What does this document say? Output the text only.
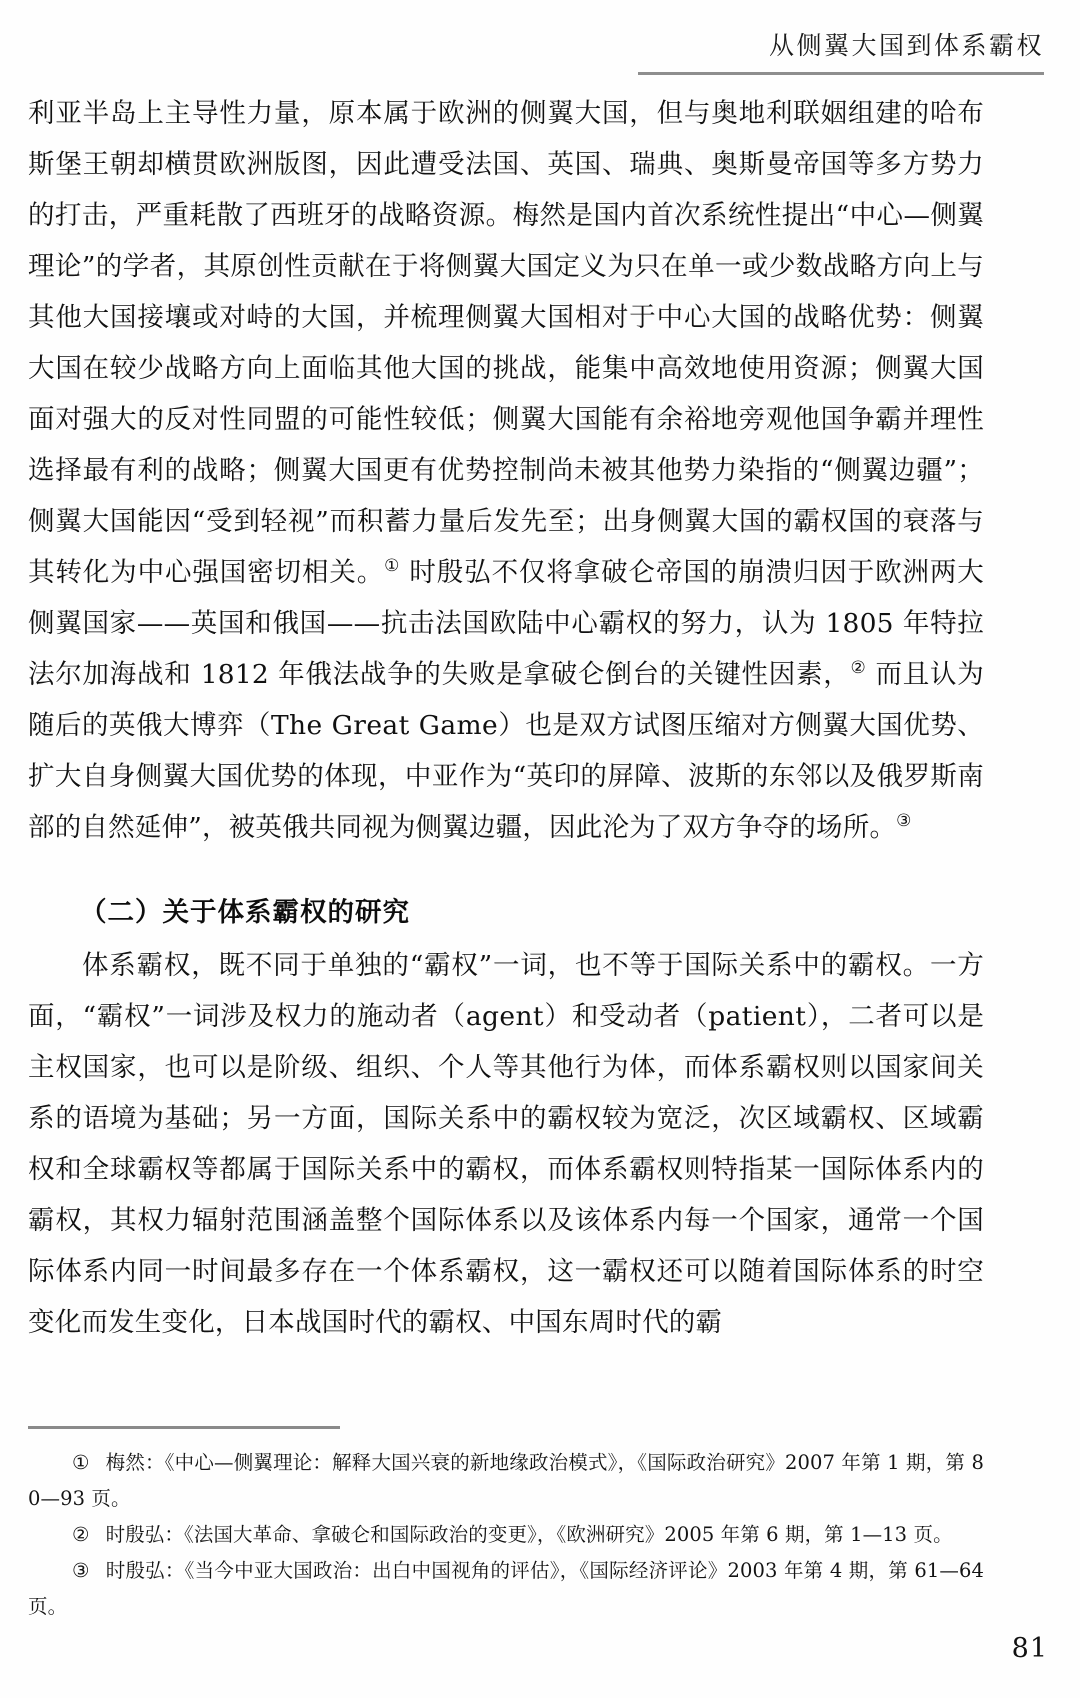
从侧翼大国到体系霸权

利亚半岛上主导性力量，原本属于欧洲的侧翼大国，但与奥地利联姻组建的哈布斯堡王朝却横贯欧洲版图，因此遭受法国、英国、瑞典、奥斯曼帝国等多方势力的打击，严重耗散了西班牙的战略资源。梅然是国内首次系统性提出“中心—侧翼理论”的学者，其原创性贡献在于将侧翼大国定义为只在单一或少数战略方向上与其他大国接壤或对峙的大国，并梳理侧翼大国相对于中心大国的战略优势：侧翼大国在较少战略方向上面临其他大国的挑战，能集中高效地使用资源；侧翼大国面对强大的反对性同盟的可能性较低；侧翼大国能有余裕地旁观他国争霸并理性选择最有利的战略；侧翼大国更有优势控制尚未被其他势力染指的“侧翼边疆”；侧翼大国能因“受到轻视”而积蓄力量后发先至；出身侧翼大国的霸权国的衰落与其转化为中心强国密切相关。① 时殷弘不仅将拿破仑帝国的崩溃归因于欧洲两大侧翼国家——英国和俄国——抗击法国欧陆中心霸权的努力，认为 1805 年特拉法尔加海战和 1812 年俄法战争的失败是拿破仑倒台的关键性因素，② 而且认为随后的英俄大博弈（The Great Game）也是双方试图压缩对方侧翼大国优势、扩大自身侧翼大国优势的体现，中亚作为“英印的屏障、波斯的东邻以及俄罗斯南部的自然延伸”，被英俄共同视为侧翼边疆，因此沦为了双方争夺的场所。③

（二）关于体系霸权的研究

体系霸权，既不同于单独的“霸权”一词，也不等于国际关系中的霸权。一方面，“霸权”一词涉及权力的施动者（agent）和受动者（patient），二者可以是主权国家，也可以是阶级、组织、个人等其他行为体，而体系霸权则以国家间关系的语境为基础；另一方面，国际关系中的霸权较为宽泛，次区域霸权、区域霸权和全球霸权等都属于国际关系中的霸权，而体系霸权则特指某一国际体系内的霸权，其权力辐射范围涵盖整个国际体系以及该体系内每一个国家，通常一个国际体系内同一时间最多存在一个体系霸权，这一霸权还可以随着国际体系的时空变化而发生变化，日本战国时代的霸权、中国东周时代的霸

① 梅然：《中心—侧翼理论：解释大国兴衰的新地缘政治模式》，《国际政治研究》2007 年第 1 期，第 80—93 页。

② 时殷弘：《法国大革命、拿破仑和国际政治的变更》，《欧洲研究》2005 年第 6 期，第 1—13 页。

③ 时殷弘：《当今中亚大国政治：出白中国视角的评估》，《国际经济评论》2003 年第 4 期，第 61—64 页。

81
